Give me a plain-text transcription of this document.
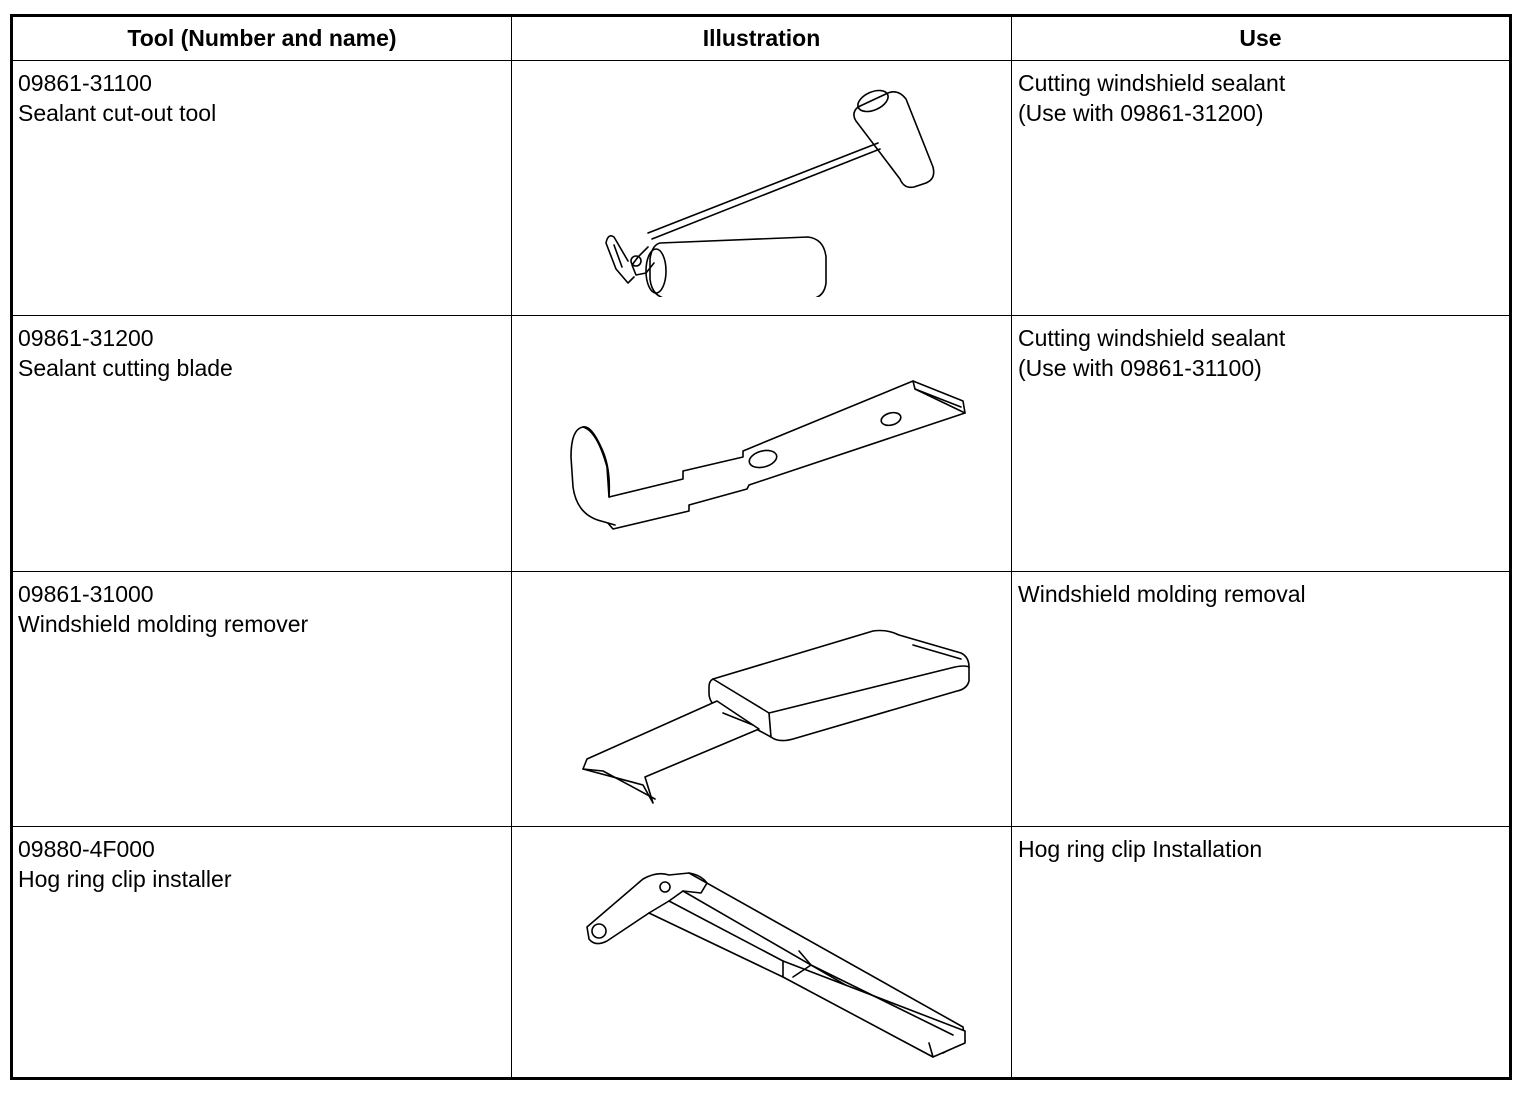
Tool (Number and name)	Illustration	Use
09861-31100
Sealant cut-out tool
Cutting windshield sealant
(Use with 09861-31200)
09861-31200
Sealant cutting blade
Cutting windshield sealant
(Use with 09861-31100)
09861-31000
Windshield molding remover
Windshield molding removal
09880-4F000
Hog ring clip installer
Hog ring clip Installation
